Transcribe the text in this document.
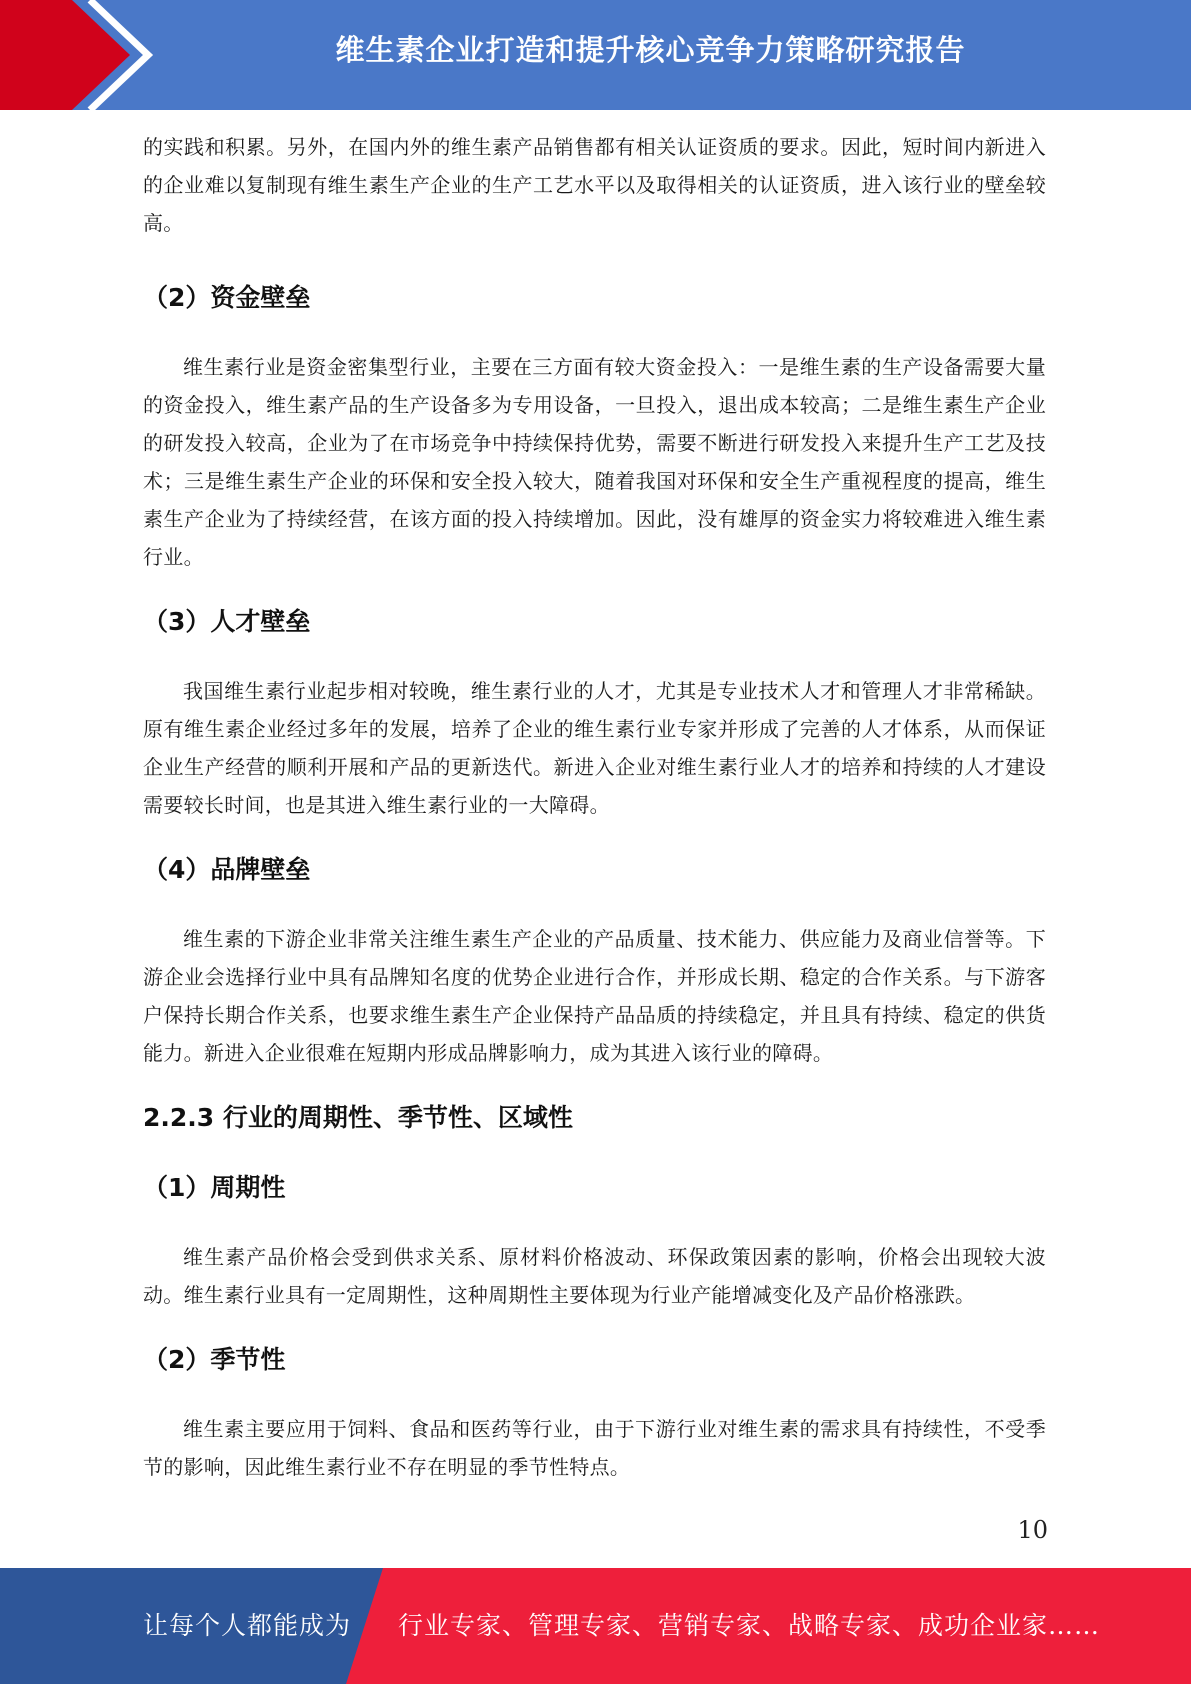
维生素企业打造和提升核心竞争力策略研究报告

的实践和积累。另外，在国内外的维生素产品销售都有相关认证资质的要求。因此，短时间内新进入的企业难以复制现有维生素生产企业的生产工艺水平以及取得相关的认证资质，进入该行业的壁垒较高。

（2）资金壁垒

维生素行业是资金密集型行业，主要在三方面有较大资金投入：一是维生素的生产设备需要大量的资金投入，维生素产品的生产设备多为专用设备，一旦投入，退出成本较高；二是维生素生产企业的研发投入较高，企业为了在市场竞争中持续保持优势，需要不断进行研发投入来提升生产工艺及技术；三是维生素生产企业的环保和安全投入较大，随着我国对环保和安全生产重视程度的提高，维生素生产企业为了持续经营，在该方面的投入持续增加。因此，没有雄厚的资金实力将较难进入维生素行业。

（3）人才壁垒

我国维生素行业起步相对较晚，维生素行业的人才，尤其是专业技术人才和管理人才非常稀缺。原有维生素企业经过多年的发展，培养了企业的维生素行业专家并形成了完善的人才体系，从而保证企业生产经营的顺利开展和产品的更新迭代。新进入企业对维生素行业人才的培养和持续的人才建设需要较长时间，也是其进入维生素行业的一大障碍。

（4）品牌壁垒

维生素的下游企业非常关注维生素生产企业的产品质量、技术能力、供应能力及商业信誉等。下游企业会选择行业中具有品牌知名度的优势企业进行合作，并形成长期、稳定的合作关系。与下游客户保持长期合作关系，也要求维生素生产企业保持产品品质的持续稳定，并且具有持续、稳定的供货能力。新进入企业很难在短期内形成品牌影响力，成为其进入该行业的障碍。

2.2.3 行业的周期性、季节性、区域性
（1）周期性

维生素产品价格会受到供求关系、原材料价格波动、环保政策因素的影响，价格会出现较大波动。维生素行业具有一定周期性，这种周期性主要体现为行业产能增减变化及产品价格涨跌。

（2）季节性

维生素主要应用于饲料、食品和医药等行业，由于下游行业对维生素的需求具有持续性，不受季节的影响，因此维生素行业不存在明显的季节性特点。

10
让每个人都能成为 行业专家、管理专家、营销专家、战略专家、成功企业家……
